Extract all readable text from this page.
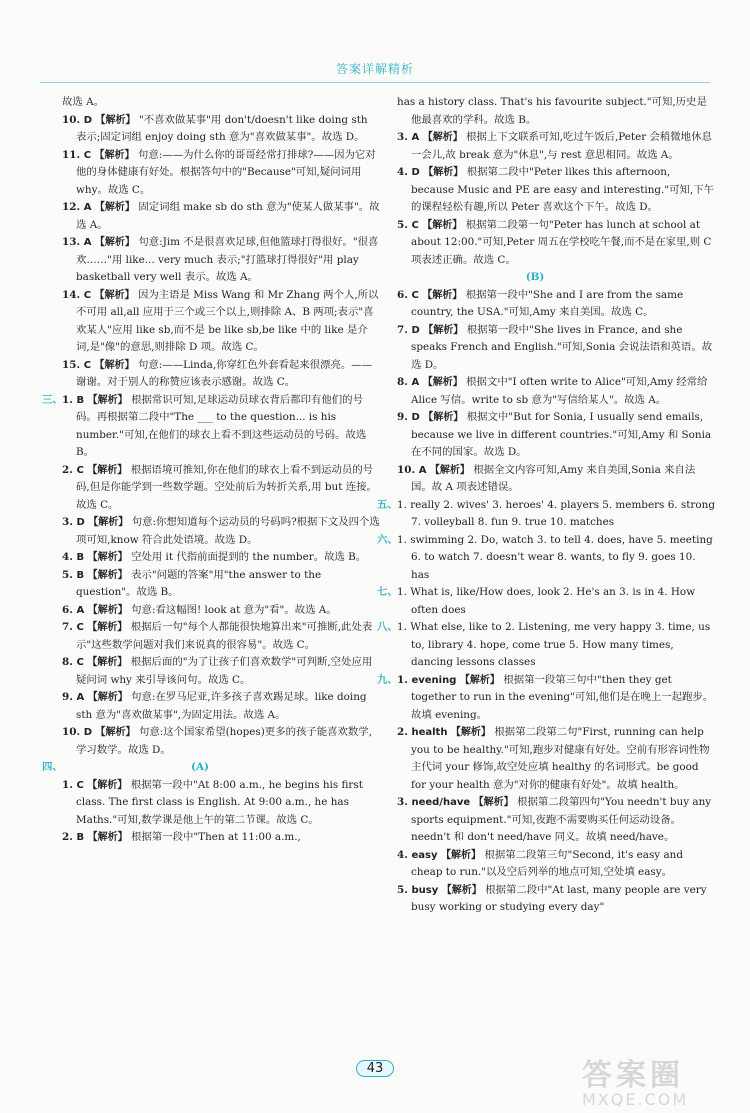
答案详解精析

故选 A。

10. D 【解析】 "不喜欢做某事"用 don't/doesn't like doing sth 表示;固定词组 enjoy doing sth 意为"喜欢做某事"。故选 D。

11. C 【解析】 句意:——为什么你的哥哥经常打排球?——因为它对他的身体健康有好处。根据答句中的"Because"可知,疑问词用 why。故选 C。

12. A 【解析】 固定词组 make sb do sth 意为"使某人做某事"。故选 A。

13. A 【解析】 句意:Jim 不是很喜欢足球,但他篮球打得很好。"很喜欢……"用 like... very much 表示;"打篮球打得很好"用 play basketball very well 表示。故选 A。

14. C 【解析】 因为主语是 Miss Wang 和 Mr Zhang 两个人,所以不可用 all,all 应用于三个或三个以上,则排除 A、B 两项;表示"喜欢某人"应用 like sb,而不是 be like sb,be like 中的 like 是介词,是"像"的意思,则排除 D 项。故选 C。

15. C 【解析】 句意:——Linda,你穿红色外套看起来很漂亮。——谢谢。对于别人的称赞应该表示感谢。故选 C。

三、1. B 【解析】 根据常识可知,足球运动员球衣背后都印有他们的号码。再根据第二段中"The ___ to the question... is his number."可知,在他们的球衣上看不到这些运动员的号码。故选 B。

2. C 【解析】 根据语境可推知,你在他们的球衣上看不到运动员的号码,但是你能学到一些数学题。空处前后为转折关系,用 but 连接。故选 C。

3. D 【解析】 句意:你想知道每个运动员的号码吗?根据下文及四个选项可知,know 符合此处语境。故选 D。

4. B 【解析】 空处用 it 代指前面提到的 the number。故选 B。

5. B 【解析】 表示"问题的答案"用"the answer to the question"。故选 B。

6. A 【解析】 句意:看这幅图! look at 意为"看"。故选 A。

7. C 【解析】 根据后一句"每个人都能很快地算出来"可推断,此处表示"这些数学问题对我们来说真的很容易"。故选 C。

8. C 【解析】 根据后面的"为了让孩子们喜欢数学"可判断,空处应用疑问词 why 来引导该问句。故选 C。

9. A 【解析】 句意:在罗马尼亚,许多孩子喜欢踢足球。like doing sth 意为"喜欢做某事",为固定用法。故选 A。

10. D 【解析】 句意:这个国家希望(hopes)更多的孩子能喜欢数学,学习数学。故选 D。

四、	(A)

1. C 【解析】 根据第一段中"At 8:00 a.m., he begins his first class. The first class is English. At 9:00 a.m., he has Maths."可知,数学课是他上午的第二节课。故选 C。

2. B 【解析】 根据第一段中"Then at 11:00 a.m.,

has a history class. That's his favourite subject."可知,历史是他最喜欢的学科。故选 B。

3. A 【解析】 根据上下文联系可知,吃过午饭后,Peter 会稍微地休息一会儿,故 break 意为"休息",与 rest 意思相同。故选 A。

4. D 【解析】 根据第二段中"Peter likes this afternoon, because Music and PE are easy and interesting."可知,下午的课程轻松有趣,所以 Peter 喜欢这个下午。故选 D。

5. C 【解析】 根据第二段第一句"Peter has lunch at school at about 12:00."可知,Peter 周五在学校吃午餐,而不是在家里,则 C 项表述正确。故选 C。

(B)

6. C 【解析】 根据第一段中"She and I are from the same country, the USA."可知,Amy 来自美国。故选 C。

7. D 【解析】 根据第一段中"She lives in France, and she speaks French and English."可知,Sonia 会说法语和英语。故选 D。

8. A 【解析】 根据文中"I often write to Alice"可知,Amy 经常给 Alice 写信。write to sb 意为"写信给某人"。故选 A。

9. D 【解析】 根据文中"But for Sonia, I usually send emails, because we live in different countries."可知,Amy 和 Sonia 在不同的国家。故选 D。

10. A 【解析】 根据全文内容可知,Amy 来自美国,Sonia 来自法国。故 A 项表述错误。

五、1. really 2. wives' 3. heroes' 4. players 5. members 6. strong 7. volleyball 8. fun 9. true 10. matches

六、1. swimming 2. Do, watch 3. to tell 4. does, have 5. meeting 6. to watch 7. doesn't wear 8. wants, to fly 9. goes 10. has

七、1. What is, like/How does, look 2. He's an 3. is in 4. How often does

八、1. What else, like to 2. Listening, me very happy 3. time, us to, library 4. hope, come true 5. How many times, dancing lessons classes

九、1. evening 【解析】 根据第一段第三句中"then they get together to run in the evening"可知,他们是在晚上一起跑步。故填 evening。

2. health 【解析】 根据第二段第二句"First, running can help you to be healthy."可知,跑步对健康有好处。空前有形容词性物主代词 your 修饰,故空处应填 healthy 的名词形式。be good for your health 意为"对你的健康有好处"。故填 health。

3. need/have 【解析】 根据第二段第四句"You needn't buy any sports equipment."可知,夜跑不需要购买任何运动设备。needn't 和 don't need/have 同义。故填 need/have。

4. easy 【解析】 根据第二段第三句"Second, it's easy and cheap to run."以及空后列举的地点可知,空处填 easy。

5. busy 【解析】 根据第二段中"At last, many people are very busy working or studying every day"

43	答案圈
MXQE.COM
